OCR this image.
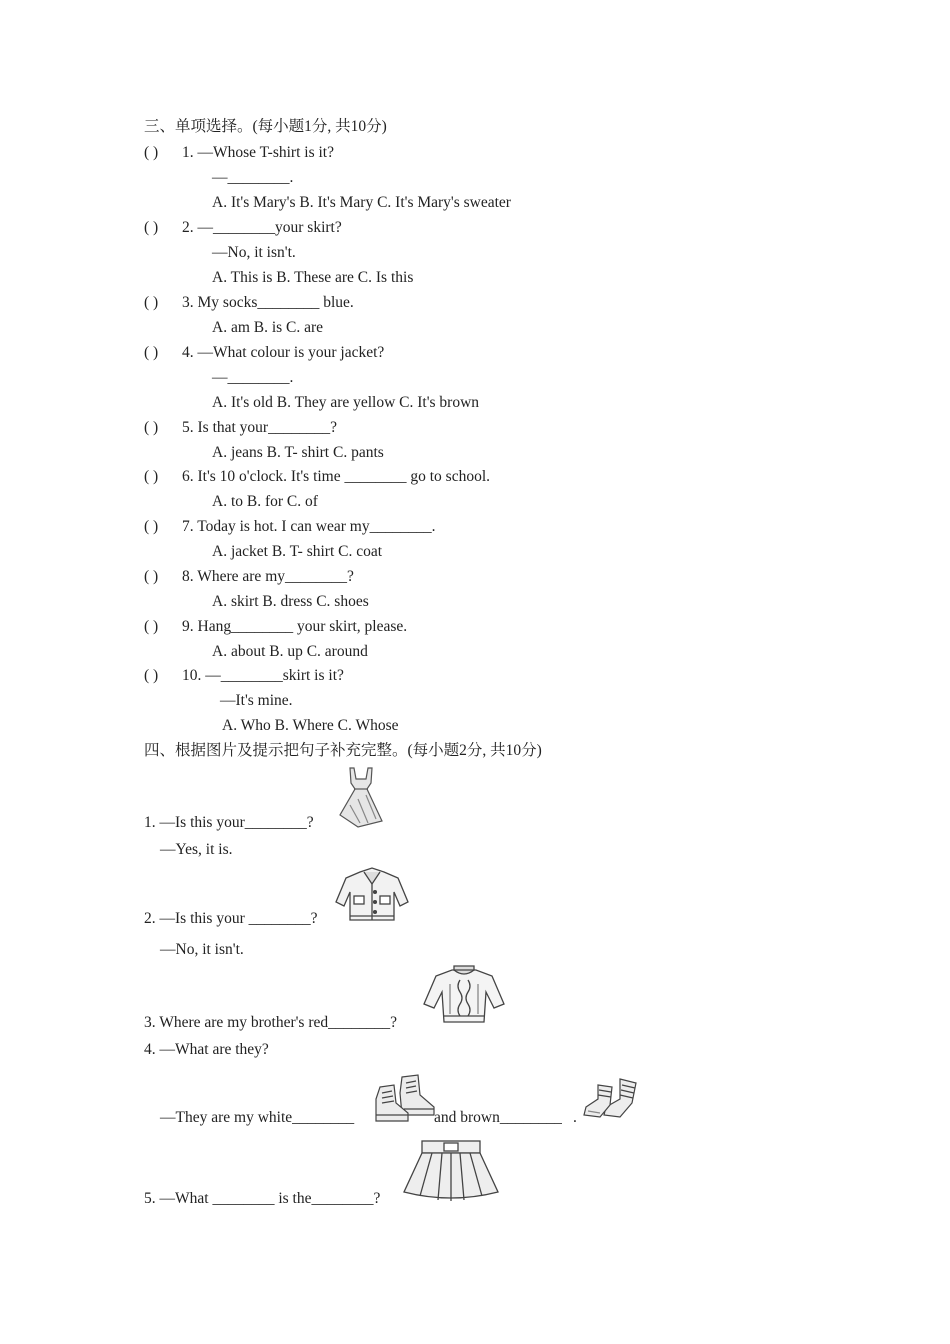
三、单项选择。(每小题1分, 共10分)
( ) 1. —Whose T-shirt is it?
—________.
A. It's Mary's B. It's Mary C. It's Mary's sweater
( ) 2. —________your skirt?
—No, it isn't.
A. This is B. These are C. Is this
( ) 3. My socks________ blue.
A. am B. is C. are
( ) 4. —What colour is your jacket?
—________.
A. It's old B. They are yellow C. It's brown
( ) 5. Is that your________?
A. jeans B. T- shirt C. pants
( ) 6. It's 10 o'clock. It's time ________ go to school.
A. to B. for C. of
( ) 7. Today is hot. I can wear my________.
A. jacket B. T- shirt C. coat
( ) 8. Where are my________?
A. skirt B. dress C. shoes
( ) 9. Hang________ your skirt, please.
A. about B. up C. around
( ) 10. —________skirt is it?
—It's mine.
A. Who B. Where C. Whose
四、根据图片及提示把句子补充完整。(每小题2分, 共10分)
1. —Is this your________?
—Yes, it is.
2. —Is this your ________?
—No, it isn't.
3. Where are my brother's red________?
4. —What are they?
—They are my white________	and brown________ .
5. —What ________ is the________?
